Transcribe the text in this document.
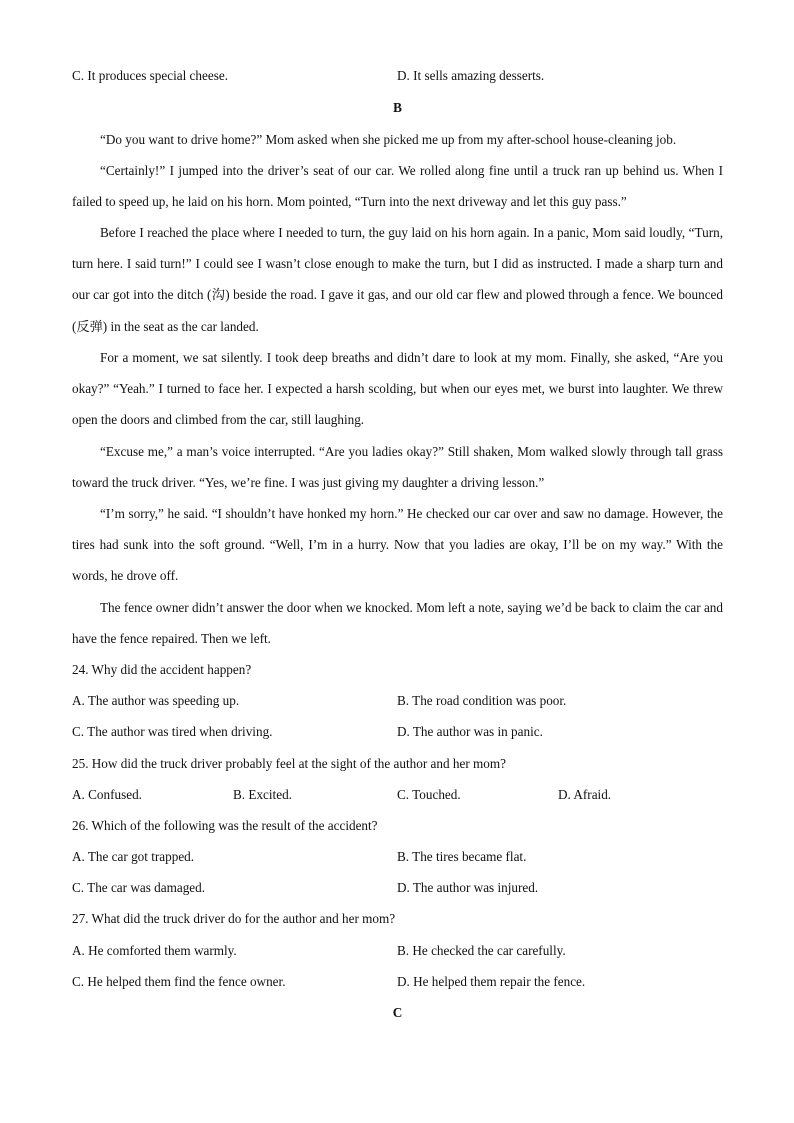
C. It produces special cheese.	D. It sells amazing desserts.
B

“Do you want to drive home?” Mom asked when she picked me up from my after-school house-cleaning job.

“Certainly!” I jumped into the driver’s seat of our car. We rolled along fine until a truck ran up behind us. When I failed to speed up, he laid on his horn. Mom pointed, “Turn into the next driveway and let this guy pass.”

Before I reached the place where I needed to turn, the guy laid on his horn again. In a panic, Mom said loudly, “Turn, turn here. I said turn!” I could see I wasn’t close enough to make the turn, but I did as instructed. I made a sharp turn and our car got into the ditch (沟) beside the road. I gave it gas, and our old car flew and plowed through a fence. We bounced (反弹) in the seat as the car landed.

For a moment, we sat silently. I took deep breaths and didn’t dare to look at my mom. Finally, she asked, “Are you okay?” “Yeah.” I turned to face her. I expected a harsh scolding, but when our eyes met, we burst into laughter. We threw open the doors and climbed from the car, still laughing.

“Excuse me,” a man’s voice interrupted. “Are you ladies okay?” Still shaken, Mom walked slowly through tall grass toward the truck driver. “Yes, we’re fine. I was just giving my daughter a driving lesson.”

“I’m sorry,” he said. “I shouldn’t have honked my horn.” He checked our car over and saw no damage. However, the tires had sunk into the soft ground. “Well, I’m in a hurry. Now that you ladies are okay, I’ll be on my way.” With the words, he drove off.

The fence owner didn’t answer the door when we knocked. Mom left a note, saying we’d be back to claim the car and have the fence repaired. Then we left.

24. Why did the accident happen?
A. The author was speeding up.	B. The road condition was poor.
C. The author was tired when driving.	D. The author was in panic.
25. How did the truck driver probably feel at the sight of the author and her mom?
A. Confused.	B. Excited.	C. Touched.	D. Afraid.
26. Which of the following was the result of the accident?
A. The car got trapped.	B. The tires became flat.
C. The car was damaged.	D. The author was injured.
27. What did the truck driver do for the author and her mom?
A. He comforted them warmly.	B. He checked the car carefully.
C. He helped them find the fence owner.	D. He helped them repair the fence.
C
